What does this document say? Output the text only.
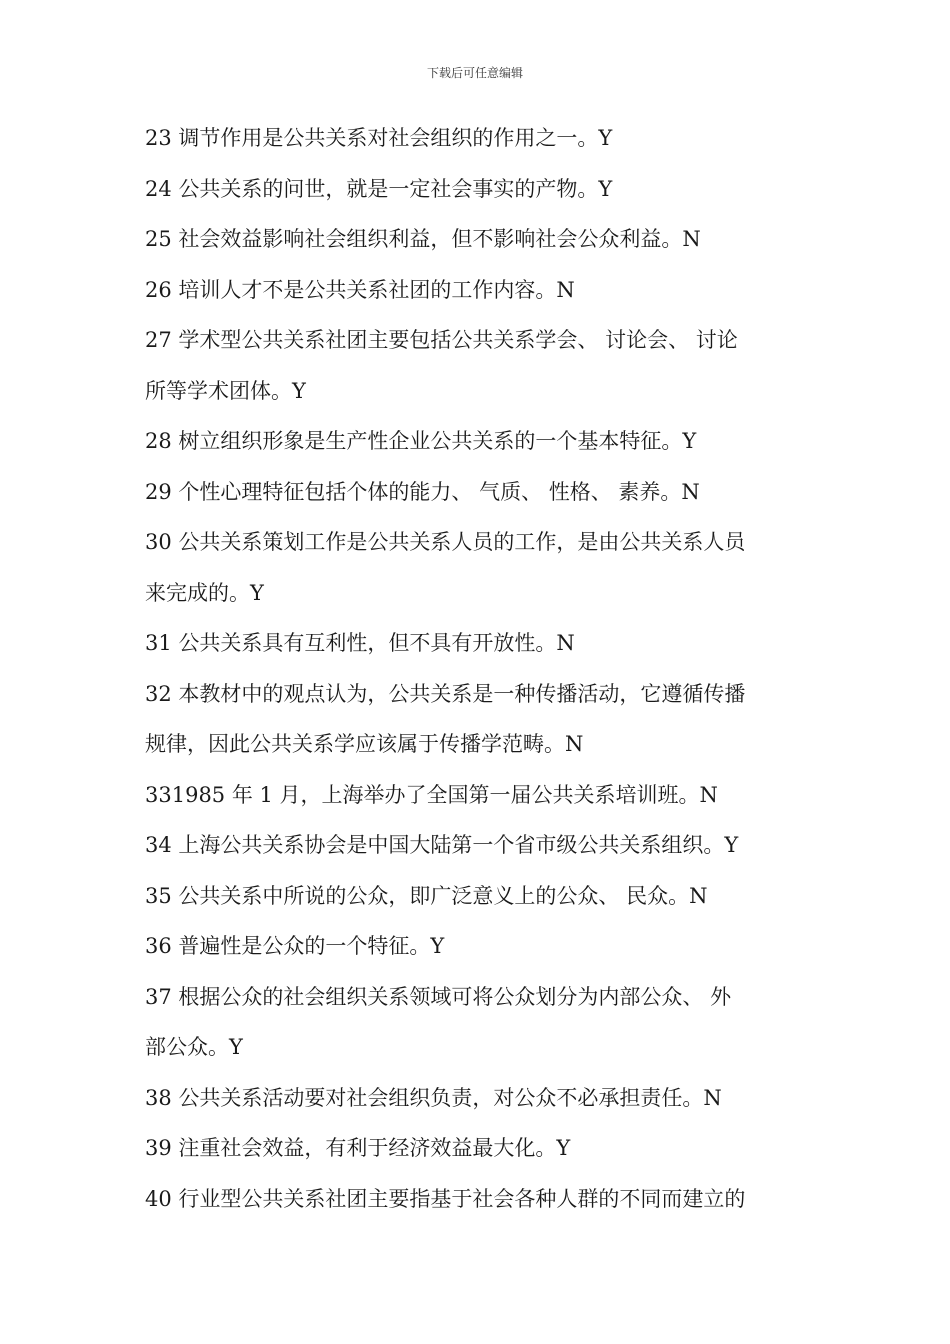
下载后可任意编辑
23 调节作用是公共关系对社会组织的作用之一。Y
24 公共关系的问世，就是一定社会事实的产物。Y
25 社会效益影响社会组织利益，但不影响社会公众利益。N
26 培训人才不是公共关系社团的工作内容。N
27 学术型公共关系社团主要包括公共关系学会、 讨论会、 讨论
所等学术团体。Y
28 树立组织形象是生产性企业公共关系的一个基本特征。Y
29 个性心理特征包括个体的能力、 气质、 性格、 素养。N
30 公共关系策划工作是公共关系人员的工作，是由公共关系人员
来完成的。Y
31 公共关系具有互利性，但不具有开放性。N
32 本教材中的观点认为，公共关系是一种传播活动，它遵循传播
规律，因此公共关系学应该属于传播学范畴。N
331985 年 1 月，上海举办了全国第一届公共关系培训班。N
34 上海公共关系协会是中国大陆第一个省市级公共关系组织。Y
35 公共关系中所说的公众，即广泛意义上的公众、 民众。N
36 普遍性是公众的一个特征。Y
37 根据公众的社会组织关系领域可将公众划分为内部公众、 外
部公众。Y
38 公共关系活动要对社会组织负责，对公众不必承担责任。N
39 注重社会效益，有利于经济效益最大化。Y
40 行业型公共关系社团主要指基于社会各种人群的不同而建立的
